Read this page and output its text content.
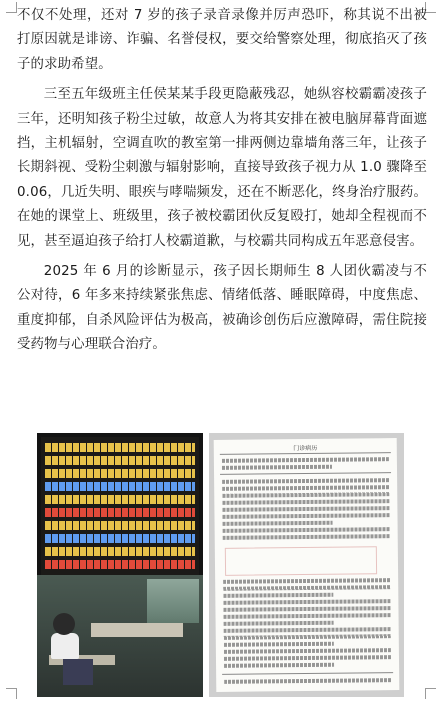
不仅不处理，还对 7 岁的孩子录音录像并厉声恐吓，称其说不出被打原因就是诽谤、诈骗、名誉侵权，要交给警察处理，彻底掐灭了孩子的求助希望。

三至五年级班主任侯某某手段更隐蔽残忍，她纵容校霸霸凌孩子三年，还明知孩子粉尘过敏，故意人为将其安排在被电脑屏幕背面遮挡，主机辐射，空调直吹的教室第一排两侧边靠墙角落三年，让孩子长期斜视、受粉尘刺激与辐射影响，直接导致孩子视力从 1.0 骤降至 0.06，几近失明、眼疾与哮喘频发，还在不断恶化，终身治疗服药。在她的课堂上、班级里，孩子被校霸团伙反复殴打，她却全程视而不见，甚至逼迫孩子给打人校霸道歉，与校霸共同构成五年恶意侵害。

2025 年 6 月的诊断显示，孩子因长期师生 8 人团伙霸凌与不公对待，6 年多来持续紧张焦虑、情绪低落、睡眠障碍，中度焦虑、重度抑郁，自杀风险评估为极高，被确诊创伤后应激障碍，需住院接受药物与心理联合治疗。

门诊病历
